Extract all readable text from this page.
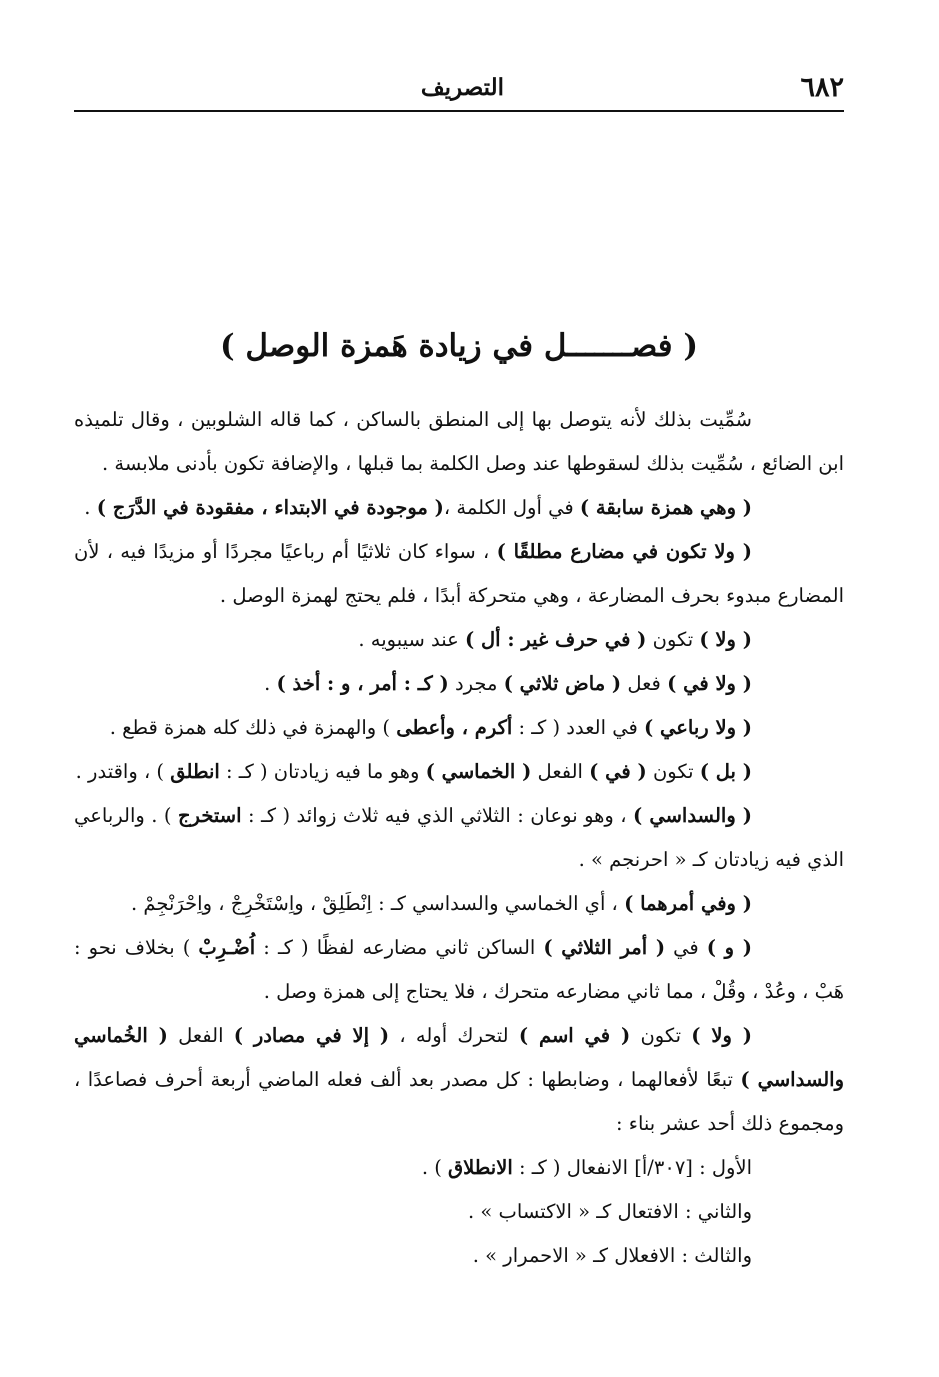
٦٨٢
التصريف
( فصـــــــل في زيادة هَمزة الوصل )

سُمِّيت بذلك لأنه يتوصل بها إلى المنطق بالساكن ، كما قاله الشلوبين ، وقال تلميذه ابن الضائع ، سُمِّيت بذلك لسقوطها عند وصل الكلمة بما قبلها ، والإضافة تكون بأدنى ملابسة .

( وهي همزة سابقة ) في أول الكلمة ،( موجودة في الابتداء ، مفقودة في الدَّرَج ) .

( ولا تكون في مضارع مطلقًا ) ، سواء كان ثلاثيًا أم رباعيًا مجردًا أو مزيدًا فيه ، لأن المضارع مبدوء بحرف المضارعة ، وهي متحركة أبدًا ، فلم يحتج لهمزة الوصل .

( ولا ) تكون ( في حرف غير : أل ) عند سيبويه .

( ولا في ) فعل ( ماض ثلاثي ) مجرد ( كـ : أمر ، و : أخذ ) .

( ولا رباعي ) في العدد ( كـ : أكرم ، وأعطى ) والهمزة في ذلك كله همزة قطع .

( بل ) تكون ( في ) الفعل ( الخماسي ) وهو ما فيه زيادتان ( كـ : انطلق ) ، واقتدر .

( والسداسي ) ، وهو نوعان : الثلاثي الذي فيه ثلاث زوائد ( كـ : استخرج ) . والرباعي الذي فيه زيادتان كـ « احرنجم » .

( وفي أمرهما ) ، أي الخماسي والسداسي كـ : اِنْطَلِقْ ، واِسْتَخْرِجْ ، واِحْرَنْجِمْ .

( و ) في ( أمر الثلاثي ) الساكن ثاني مضارعه لفظًا ( كـ : اُضْـرِبْ ) بخلاف نحو : هَبْ ، وعُدْ ، وقُلْ ، مما ثاني مضارعه متحرك ، فلا يحتاج إلى همزة وصل .

( ولا ) تكون ( في اسم ) لتحرك أوله ، ( إلا في مصادر ) الفعل ( الخُماسي والسداسي ) تبعًا لأفعالهما ، وضابطها : كل مصدر بعد ألف فعله الماضي أربعة أحرف فصاعدًا ، ومجموع ذلك أحد عشر بناء :

الأول : [٣٠٧/أ] الانفعال ( كـ : الانطلاق ) .

والثاني : الافتعال كـ « الاكتساب » .

والثالث : الافعلال كـ « الاحمرار » .
